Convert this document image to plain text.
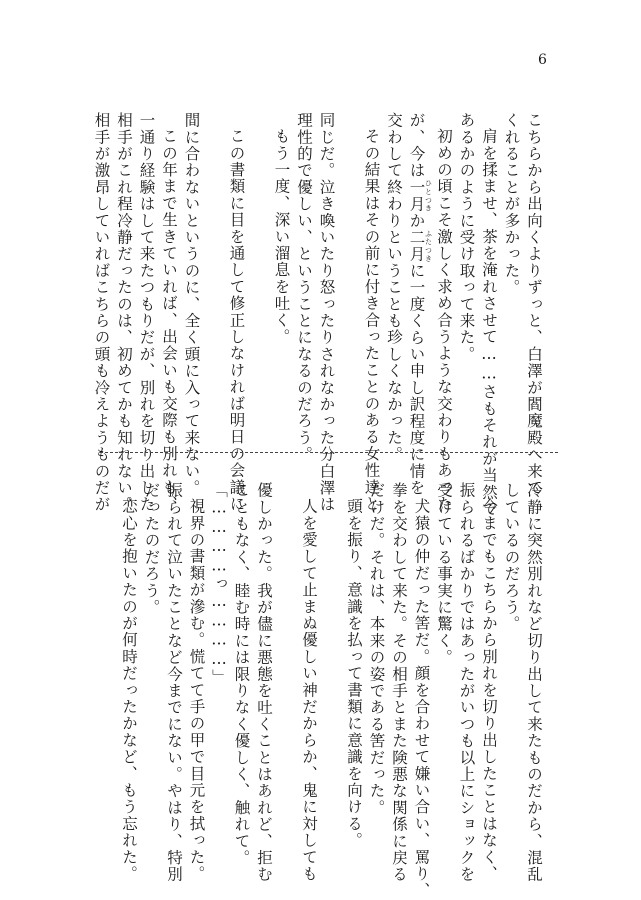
6
こちらから出向くよりずっと、白澤が閻魔殿へ来て
くれることが多かった。
肩を揉ませ、茶を淹れさせて……さもそれが当然で
あるかのように受け取って来た。
初めの頃こそ激しく求め合うような交わりもあった
が、今は一月 ひとつきか二月 ふたつきに一度くらい申し訳程度に情を
交わして終わりということも珍しくなかった。
その結果はその前に付き合ったことのある女性達と
同じだ。泣き喚いたり怒ったりされなかった分白澤は
理性的で優しい、ということになるのだろう。
もう一度、深い溜息を吐く。
この書類に目を通して修正しなければ明日の会議に
間に合わないというのに、全く頭に入って来ない。
この年まで生きていれば、出会いも交際も別れも、
一通り経験はして来たつもりだが、別れを切り出した
相手がこれ程冷静だったのは、初めてかも知れない。
相手が激昂していればこちらの頭も冷えようものだが
冷静に突然別れなど切り出して来たものだから、混乱
しているのだろう。
今までもこちらから別れを切り出したことはなく、
振られるばかりではあったがいつも以上にショックを
受けている事実に驚く。
犬猿の仲だった筈だ。顔を合わせて嫌い合い、罵り、
拳を交わして来た。その相手とまた険悪な関係に戻る
だけだ。それは、本来の姿である筈だった。
頭を振り、意識を払って書類に意識を向ける。
人を愛して止まぬ優しい神だからか、鬼に対しても
優しかった。我が儘に悪態を吐くことはあれど、拒む
こともなく、睦む時には限りなく優しく、触れて。
「…………っ…………」
視界の書類が滲む。慌てて手の甲で目元を拭った。
振られて泣いたことなど今までにない。やはり、特別
だったのだろう。
恋心を抱いたのが何時だったかなど、もう忘れた。
